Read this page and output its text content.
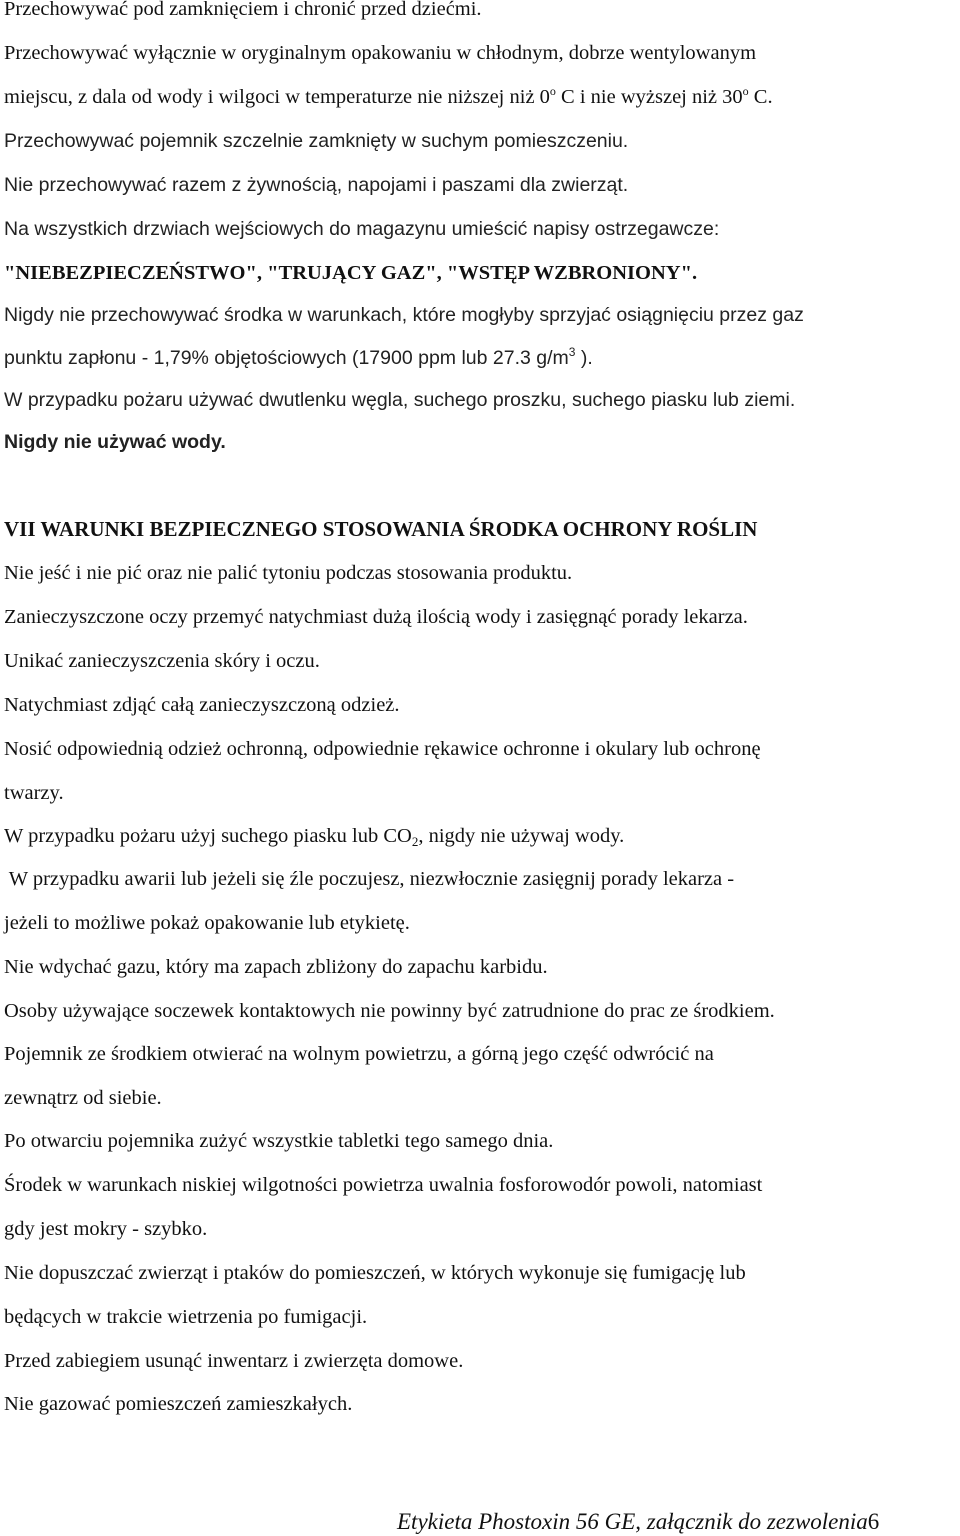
Przechowywać pod zamknięciem i chronić przed dziećmi.

Przechowywać wyłącznie w oryginalnym opakowaniu w chłodnym, dobrze wentylowanym

miejscu, z dala od wody i wilgoci w temperaturze nie niższej niż 0$^o$ C i nie wyższej niż 30$^o$ C.

Przechowywać pojemnik szczelnie zamknięty w suchym pomieszczeniu.

Nie przechowywać razem z żywnością, napojami i paszami dla zwierząt.

Na wszystkich drzwiach wejściowych do magazynu umieścić napisy ostrzegawcze:

"NIEBEZPIECZEŃSTWO", "TRUJĄCY GAZ", "WSTĘP WZBRONIONY".

Nigdy nie przechowywać środka w warunkach, które mogłyby sprzyjać osiągnięciu przez gaz

punktu zapłonu - 1,79% objętościowych (17900 ppm lub 27.3 $g/m^3$ ).

W przypadku pożaru używać dwutlenku węgla, suchego proszku, suchego piasku lub ziemi.

Nigdy nie używać wody.

VII WARUNKI BEZPIECZNEGO STOSOWANIA ŚRODKA OCHRONY ROŚLIN

Nie jeść i nie pić oraz nie palić tytoniu podczas stosowania produktu.

Zanieczyszczone oczy przemyć natychmiast dużą ilością wody i zasięgnąć porady lekarza.

Unikać zanieczyszczenia skóry i oczu.

Natychmiast zdjąć całą zanieczyszczoną odzież.

Nosić odpowiednią odzież ochronną, odpowiednie rękawice ochronne i okulary lub ochronę

twarzy.

W przypadku pożaru użyj suchego piasku lub $CO_2$, nigdy nie używaj wody.

W przypadku awarii lub jeżeli się źle poczujesz, niezwłocznie zasięgnij porady lekarza -

jeżeli to możliwe pokaż opakowanie lub etykietę.

Nie wdychać gazu, który ma zapach zbliżony do zapachu karbidu.

Osoby używające soczewek kontaktowych nie powinny być zatrudnione do prac ze środkiem.

Pojemnik ze środkiem otwierać na wolnym powietrzu, a górną jego część odwrócić na

zewnątrz od siebie.

Po otwarciu pojemnika zużyć wszystkie tabletki tego samego dnia.

Środek w warunkach niskiej wilgotności powietrza uwalnia fosforowodór powoli, natomiast

gdy jest mokry - szybko.

Nie dopuszczać zwierząt i ptaków do pomieszczeń, w których wykonuje się fumigację lub

będących w trakcie wietrzenia po fumigacji.

Przed zabiegiem usunąć inwentarz i zwierzęta domowe.

Nie gazować pomieszczeń zamieszkałych.

Etykieta Phostoxin 56 GE, załącznik do zezwolenia6
